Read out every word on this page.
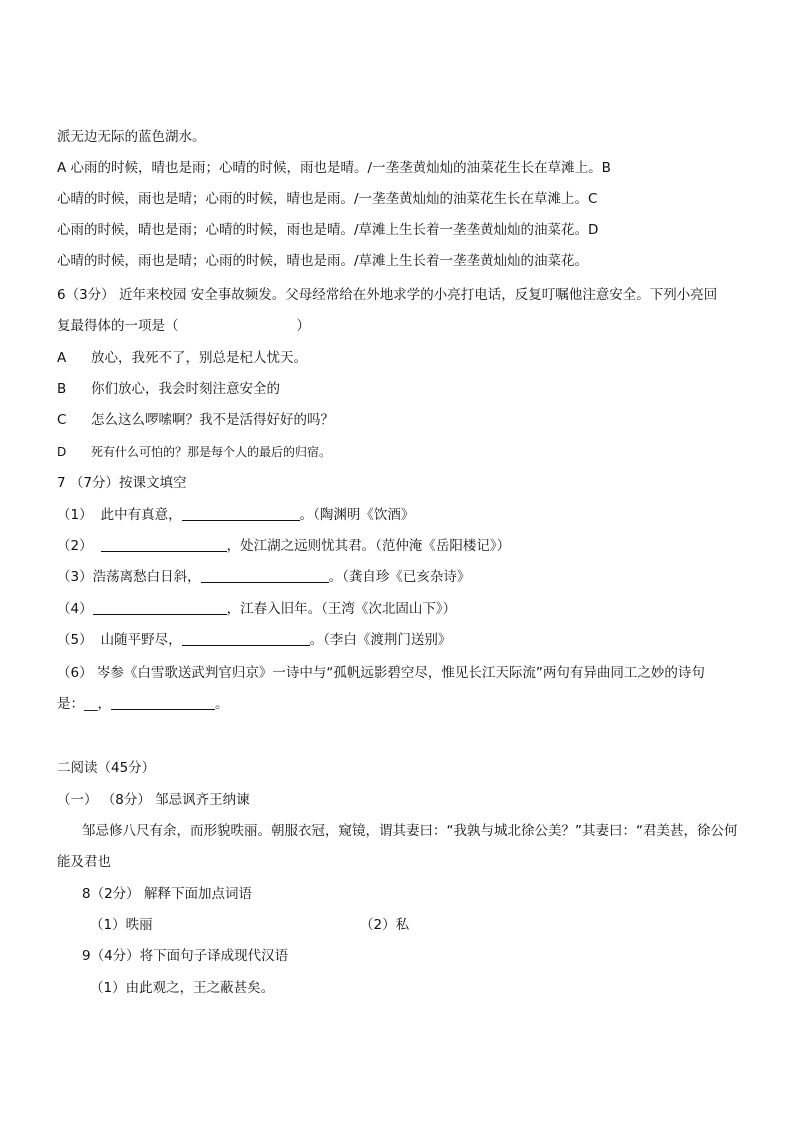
派无边无际的蓝色湖水。
A 心雨的时候，晴也是雨；心晴的时候，雨也是晴。/一垄垄黄灿灿的油菜花生长在草滩上。B
心晴的时候，雨也是晴；心雨的时候，晴也是雨。/一垄垄黄灿灿的油菜花生长在草滩上。C
心雨的时候，晴也是雨；心晴的时候，雨也是晴。/草滩上生长着一垄垄黄灿灿的油菜花。D
心晴的时候，雨也是晴；心雨的时候，晴也是雨。/草滩上生长着一垄垄黄灿灿的油菜花。
6（3分） 近年来校园 安全事故频发。父母经常给在外地求学的小亮打电话，反复叮嘱他注意安全。下列小亮回
复最得体的一项是（	）
A 放心，我死不了，别总是杞人忧天。
B 你们放心，我会时刻注意安全的
C 怎么这么啰嗦啊？我不是活得好好的吗？
D 死有什么可怕的？那是每个人的最后的归宿。
7 （7分）按课文填空
（1） 此中有真意，	。（陶渊明《饮酒》
（2）	，处江湖之远则忧其君。（范仲淹《岳阳楼记》）
（3）浩荡离愁白日斜，	。（龚自珍《已亥杂诗》
（4）	，江春入旧年。（王湾《次北固山下》）
（5） 山随平野尽，	。（李白《渡荆门送别》
（6） 岑参《白雪歌送武判官归京》一诗中与“孤帆远影碧空尽，惟见长江天际流”两句有异曲同工之妙的诗句
是：__，	。
二阅读（45分）
（一） （8分） 邹忌讽齐王纳谏
邹忌修八尺有余，而形貌昳丽。朝服衣冠，窥镜，谓其妻曰：“我孰与城北徐公美？”其妻曰：“君美甚，徐公何
能及君也
8（2分） 解释下面加点词语
（1）昳丽	（2）私
9（4分）将下面句子译成现代汉语
（1）由此观之，王之蔽甚矣。
